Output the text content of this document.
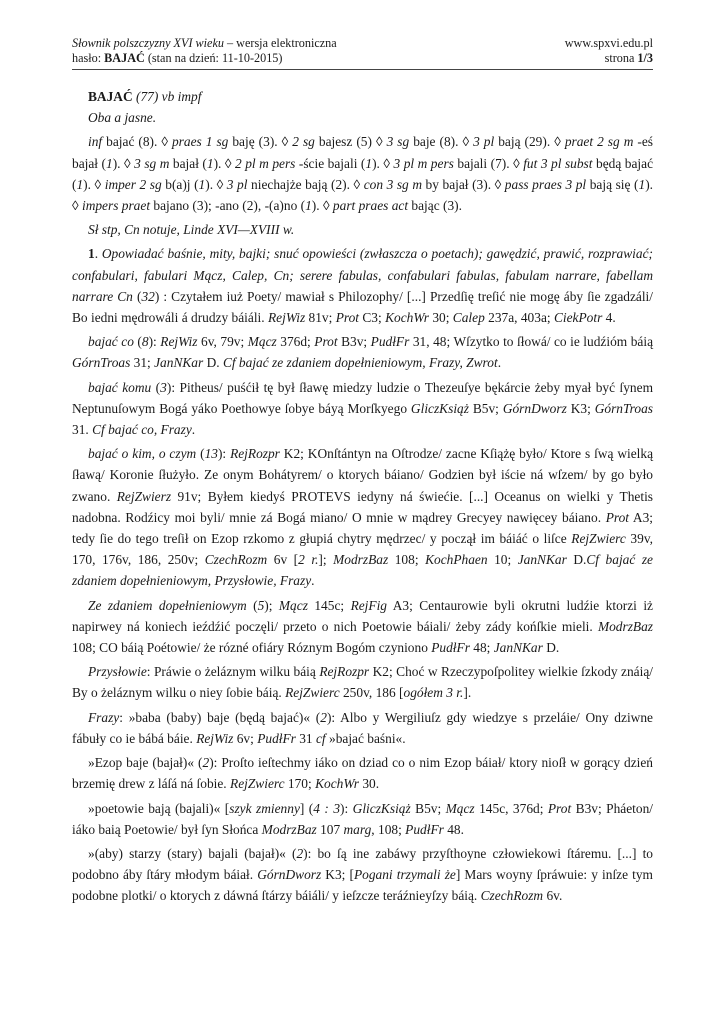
Słownik polszczyzny XVI wieku – wersja elektroniczna	www.spxvi.edu.pl
hasło: BAJAĆ (stan na dzień: 11-10-2015)	strona 1/3

BAJAĆ (77) vb impf

Oba a jasne.

inf bajać (8). ◊ praes 1 sg baję (3). ◊ 2 sg bajesz (5) ◊ 3 sg baje (8). ◊ 3 pl bają (29). ◊ praet 2 sg m -eś bajał (1). ◊ 3 sg m bajał (1). ◊ 2 pl m pers -ście bajali (1). ◊ 3 pl m pers bajali (7). ◊ fut 3 pl subst będą bajać (1). ◊ imper 2 sg b(a)j (1). ◊ 3 pl niechajże bają (2). ◊ con 3 sg m by bajał (3). ◊ pass praes 3 pl bają się (1). ◊ impers praet bajano (3); -ano (2), -(a)no (1). ◊ part praes act bając (3).

Sł stp, Cn notuje, Linde XVI—XVIII w.

1. Opowiadać baśnie, mity, bajki; snuć opowieści (zwłaszcza o poetach); gawędzić, prawić, rozprawiać; confabulari, fabulari Mącz, Calep, Cn; serere fabulas, confabulari fabulas, fabulam narrare, fabellam narrare Cn (32) : Czytałem iuż Poety/ mawiał s Philozophy/ [...] Przedſię treſić nie mogę áby ſie zgadzáli/ Bo iedni mędrowáli á drudzy báiáli. RejWiz 81v; Prot C3; KochWr 30; Calep 237a, 403a; CiekPotr 4.

bajać co (8): RejWiz 6v, 79v; Mącz 376d; Prot B3v; PudłFr 31, 48; Wſzytko to ſłowá/ co ie ludźióm báią GórnTroas 31; JanNKar D. Cf bajać ze zdaniem dopełnieniowym, Frazy, Zwrot.

bajać komu (3): Pitheus/ puśćił tę był ſławę miedzy ludzie o Thezeuſye bękárcie żeby myał być ſynem Neptunuſowym Bogá yáko Poethowye ſobye báyą Morſkyego GliczKsiąż B5v; GórnDworz K3; GórnTroas 31. Cf bajać co, Frazy.

bajać o kim, o czym (13): RejRozpr K2; KOnſtántyn na Oſtrodze/ zacne Kſiążę było/ Ktore s ſwą wielką ſławą/ Koronie ſłużyło. Ze onym Bohátyrem/ o ktorych báiano/ Godzien był iście ná wſzem/ by go było zwano. RejZwierz 91v; Byłem kiedyś PROTEVS iedyny ná świećie. [...] Oceanus on wielki y Thetis nadobna. Rodźicy moi byli/ mnie zá Bogá miano/ O mnie w mądrey Grecyey nawięcey báiano. Prot A3; tedy ſie do tego treſił on Ezop rzkomo z głupiá chytry mędrzec/ y począł im báiáć o liſce RejZwierc 39v, 170, 176v, 186, 250v; CzechRozm 6v [2 r.]; ModrzBaz 108; KochPhaen 10; JanNKar D.Cf bajać ze zdaniem dopełnieniowym, Przysłowie, Frazy.

Ze zdaniem dopełnieniowym (5); Mącz 145c; RejFig A3; Centaurowie byli okrutni ludźie ktorzi iż napirwey ná koniech ieźdźić poczęli/ przeto o nich Poetowie báiali/ żeby zády końſkie mieli. ModrzBaz 108; CO báią Poétowie/ że rózné ofiáry Róznym Bogóm czyniono PudłFr 48; JanNKar D.

Przysłowie: Práwie o żeláznym wilku báią RejRozpr K2; Choć w Rzeczypoſpolitey wielkie ſzkody znáią/ By o żeláznym wilku o niey ſobie báią. RejZwierc 250v, 186 [ogółem 3 r.].

Frazy: »baba (baby) baje (będą bajać)« (2): Albo y Wergiliuſz gdy wiedzye s przeláie/ Ony dziwne fábuły co ie bábá báie. RejWiz 6v; PudłFr 31 cf »bajać baśni«.

»Ezop baje (bajał)« (2): Proſto ieſtechmy iáko on dziad co o nim Ezop báiał/ ktory nioſł w gorący dzień brzemię drew z láſá ná ſobie. RejZwierc 170; KochWr 30.

»poetowie bają (bajali)« [szyk zmienny] (4 : 3): GliczKsiąż B5v; Mącz 145c, 376d; Prot B3v; Pháeton/ iáko baią Poetowie/ był ſyn Słońca ModrzBaz 107 marg, 108; PudłFr 48.

»(aby) starzy (stary) bajali (bajał)« (2): bo ſą ine zabáwy przyſthoyne człowiekowi ſtáremu. [...] to podobno áby ſtáry młodym báiał. GórnDworz K3; [Pogani trzymali że] Mars woyny ſpráwuie: y inſze tym podobne plotki/ o ktorych z dáwná ſtárzy báiáli/ y ieſzcze teráźnieyſzy báią. CzechRozm 6v.
